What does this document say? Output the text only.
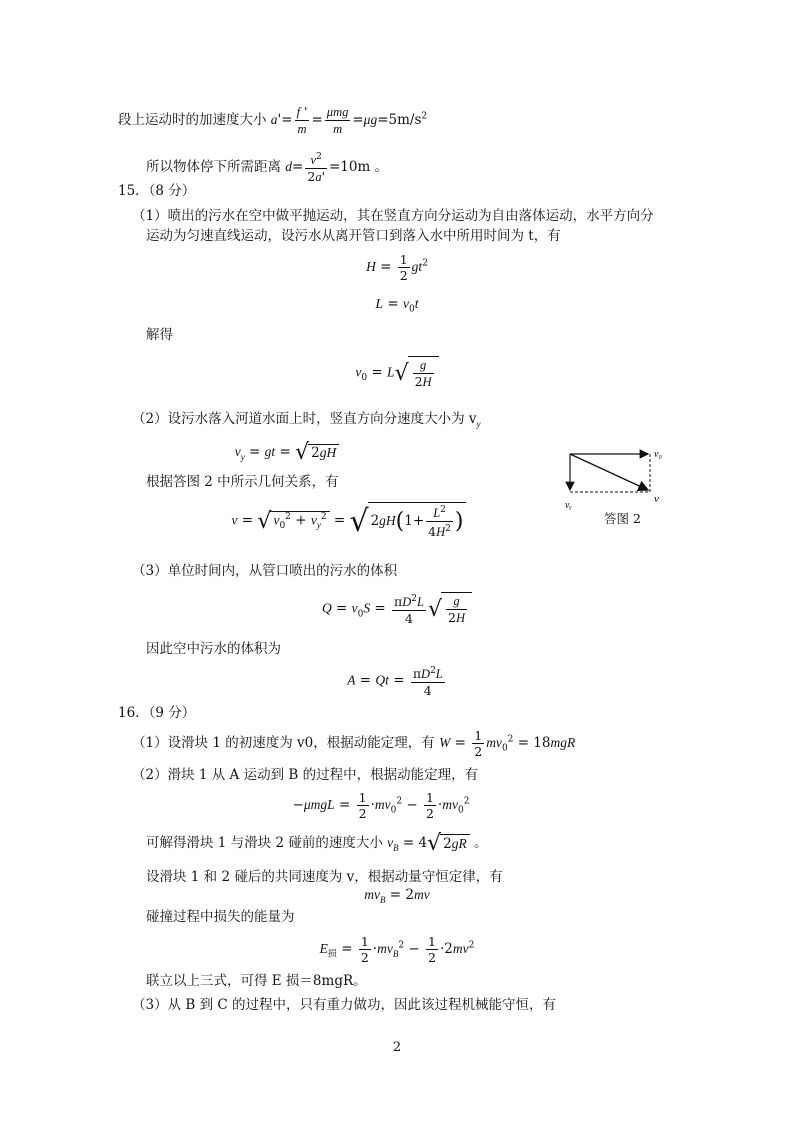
段上运动时的加速度大小 $a'= \frac{f '}{m} = \frac{\text{μmg}}{m} =\mu g=5m/s^2$
所以物体停下所需距离 $d= \frac{v^2}{2a'} =10m$ 。
15．（8 分）
（1）喷出的污水在空中做平抛运动，其在竖直方向分运动为自由落体运动，水平方向分
运动为匀速直线运动，设污水从离开管口到落入水中所用时间为 t，有
$H = \frac{1}{2} gt^2$
$L = v_0t$
解得
$v_0 = L√ \frac{g}{2H}$
（2）设污水落入河道水面上时，竖直方向分速度大小为 $v_y$
$v_y$ = gt = √ 2gH
根据答图 2 中所示几何关系，有
v = √ $v_0^2 + v_y^2$ = √ $2gH(1+ \frac{L^2}{4H^2}$ )
v₀
v
vᵧ
答图 2
（3）单位时间内，从管口喷出的污水的体积
$Q = v_0S = \frac{\pi D^2L}{4}$ √ $\frac{g}{2H}$
因此空中污水的体积为
$A = Qt = \frac{\pi D^2L}{4}$
16．（9 分）
（1）设滑块 1 的初速度为 v0，根据动能定理，有 $W = \frac{1}{2} mv_0^2 = 18mgR$
（2）滑块 1 从 A 运动到 B 的过程中，根据动能定理，有
$-\mu mgL = \frac{1}{2} \cdot mv_0^2 - \frac{1}{2} \cdot mv_0^2$
可解得滑块 1 与滑块 2 碰前的速度大小 $v_B = 4√$ 2gR 。
设滑块 1 和 2 碰后的共同速度为 v，根据动量守恒定律，有
$mv_B = 2mv$
碰撞过程中损失的能量为
$E_损 = \frac{1}{2} \cdot mv_B^2 - \frac{1}{2} \cdot 2mv^2$
联立以上三式，可得 E 损＝8mgR。
（3）从 B 到 C 的过程中，只有重力做功，因此该过程机械能守恒，有
2
